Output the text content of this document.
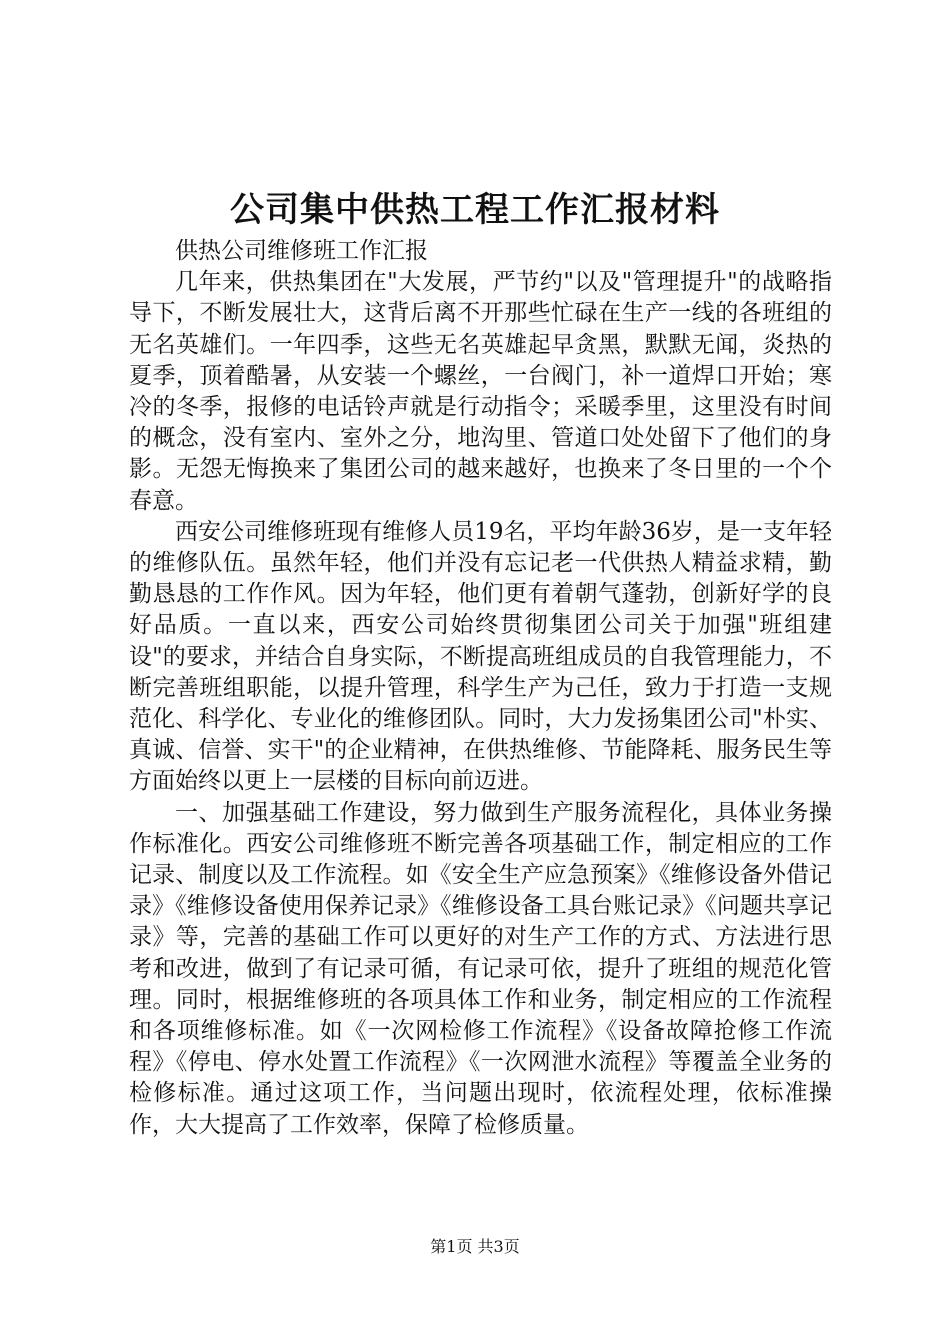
公司集中供热工程工作汇报材料

供热公司维修班工作汇报

几年来，供热集团在"大发展，严节约"以及"管理提升"的战略指导下，不断发展壮大，这背后离不开那些忙碌在生产一线的各班组的无名英雄们。一年四季，这些无名英雄起早贪黑，默默无闻，炎热的夏季，顶着酷暑，从安装一个螺丝，一台阀门，补一道焊口开始；寒冷的冬季，报修的电话铃声就是行动指令；采暖季里，这里没有时间的概念，没有室内、室外之分，地沟里、管道口处处留下了他们的身影。无怨无悔换来了集团公司的越来越好，也换来了冬日里的一个个春意。

西安公司维修班现有维修人员19名，平均年龄36岁，是一支年轻的维修队伍。虽然年轻，他们并没有忘记老一代供热人精益求精，勤勤恳恳的工作作风。因为年轻，他们更有着朝气蓬勃，创新好学的良好品质。一直以来，西安公司始终贯彻集团公司关于加强"班组建设"的要求，并结合自身实际，不断提高班组成员的自我管理能力，不断完善班组职能，以提升管理，科学生产为己任，致力于打造一支规范化、科学化、专业化的维修团队。同时，大力发扬集团公司"朴实、真诚、信誉、实干"的企业精神，在供热维修、节能降耗、服务民生等方面始终以更上一层楼的目标向前迈进。

一、加强基础工作建设，努力做到生产服务流程化，具体业务操作标准化。西安公司维修班不断完善各项基础工作，制定相应的工作记录、制度以及工作流程。如《安全生产应急预案》《维修设备外借记录》《维修设备使用保养记录》《维修设备工具台账记录》《问题共享记录》等，完善的基础工作可以更好的对生产工作的方式、方法进行思考和改进，做到了有记录可循，有记录可依，提升了班组的规范化管理。同时，根据维修班的各项具体工作和业务，制定相应的工作流程和各项维修标准。如《一次网检修工作流程》《设备故障抢修工作流程》《停电、停水处置工作流程》《一次网泄水流程》等覆盖全业务的检修标准。通过这项工作，当问题出现时，依流程处理，依标准操作，大大提高了工作效率，保障了检修质量。

第1页 共3页
